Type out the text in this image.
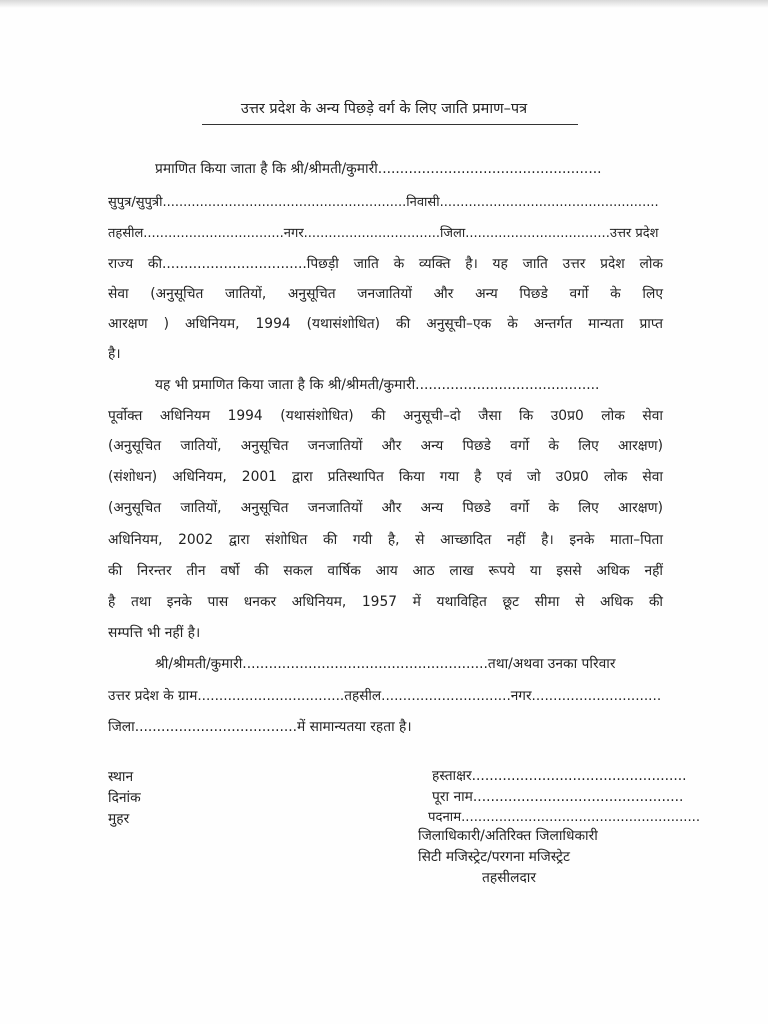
उत्तर प्रदेश के अन्य पिछड़े वर्ग के लिए जाति प्रमाण–पत्र
प्रमाणित किया जाता है कि श्री/श्रीमती/कुमारी...................................................
सुपुत्र/सुपुत्री...........................................................निवासी.....................................................
तहसील..................................नगर.................................जिला...................................उत्तर प्रदेश
राज्य की.................................पिछड़ी जाति के व्यक्ति है। यह जाति उत्तर प्रदेश लोक
सेवा (अनुसूचित जातियों, अनुसूचित जनजातियों और अन्य पिछडे वर्गो के लिए
आरक्षण ) अधिनियम, 1994 (यथासंशोधित) की अनुसूची–एक के अन्तर्गत मान्यता प्राप्त
है।
यह भी प्रमाणित किया जाता है कि श्री/श्रीमती/कुमारी..........................................
पूर्वोक्त अधिनियम 1994 (यथासंशोधित) की अनुसूची–दो जैसा कि उ0प्र0 लोक सेवा
(अनुसूचित जातियों, अनुसूचित जनजातियों और अन्य पिछडे वर्गो के लिए आरक्षण)
(संशोधन) अधिनियम, 2001 द्वारा प्रतिस्थापित किया गया है एवं जो उ0प्र0 लोक सेवा
(अनुसूचित जातियों, अनुसूचित जनजातियों और अन्य पिछडे वर्गो के लिए आरक्षण)
अधिनियम, 2002 द्वारा संशोधित की गयी है, से आच्छादित नहीं है। इनके माता–पिता
की निरन्तर तीन वर्षो की सकल वार्षिक आय आठ लाख रूपये या इससे अधिक नहीं
है तथा इनके पास धनकर अधिनियम, 1957 में यथाविहित छूट सीमा से अधिक की
सम्पत्ति भी नहीं है।
श्री/श्रीमती/कुमारी........................................................तथा/अथवा उनका परिवार
उत्तर प्रदेश के ग्राम..................................तहसील..............................नगर..............................
जिला.....................................में सामान्यतया रहता है।
स्थान
दिनांक
मुहर
हस्ताक्षर.................................................
पूरा नाम................................................
पदनाम.........................................................
जिलाधिकारी/अतिरिक्त जिलाधिकारी
सिटी मजिस्ट्रेट/परगना मजिस्ट्रेट
तहसीलदार
